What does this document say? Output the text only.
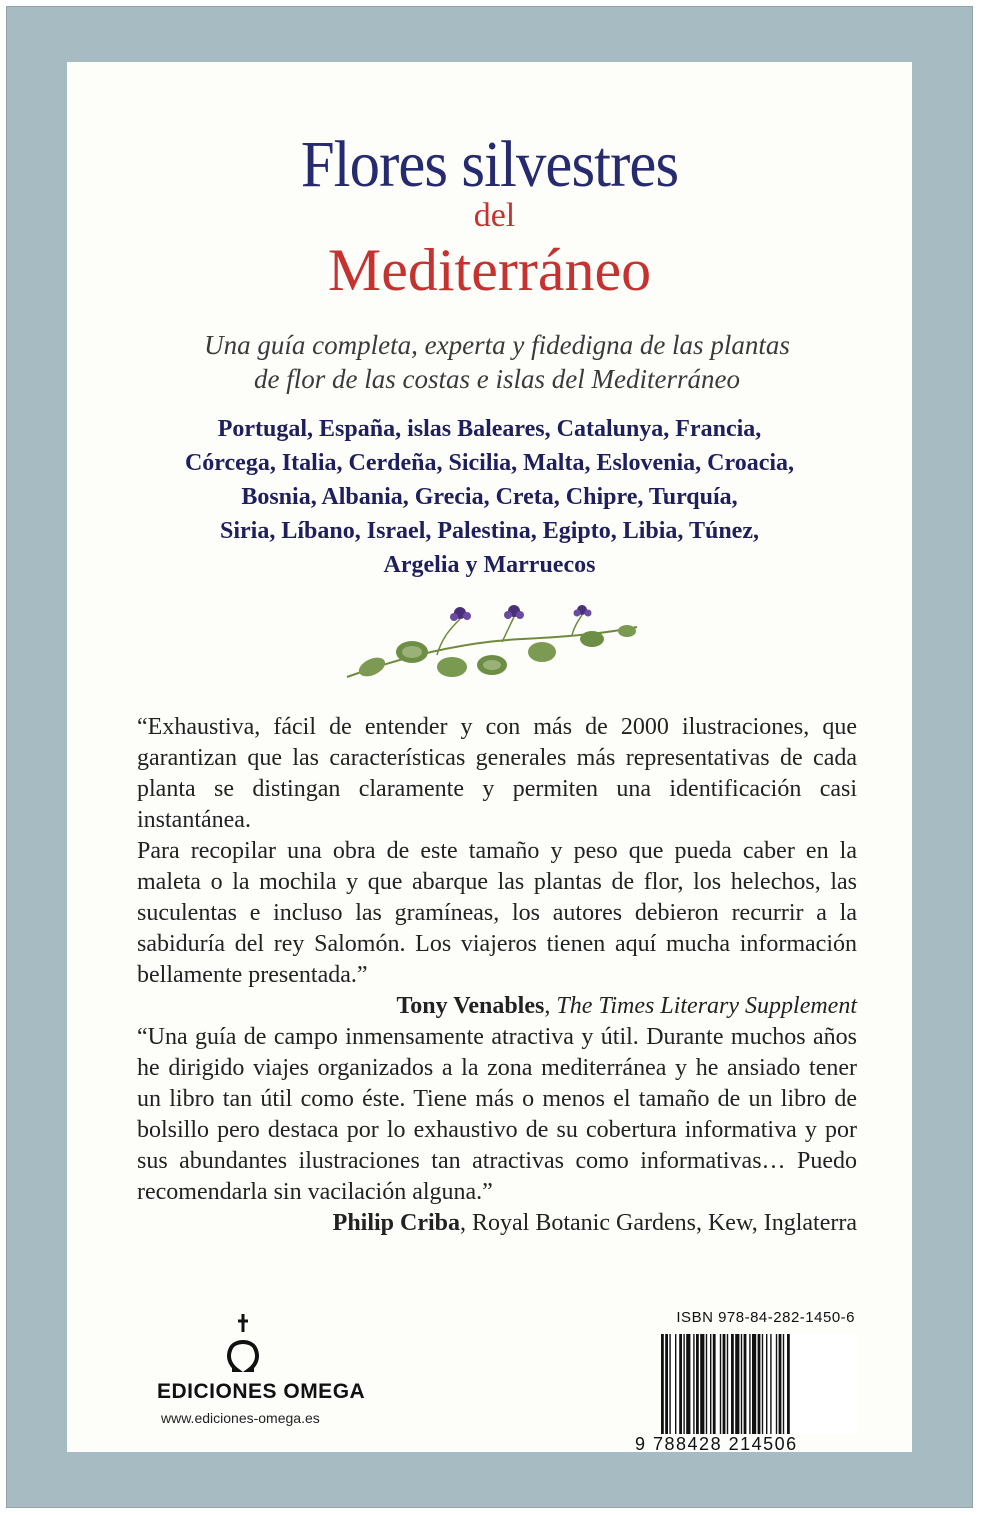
Flores silvestres
del
Mediterráneo
Una guía completa, experta y fidedigna de las plantas
de flor de las costas e islas del Mediterráneo
Portugal, España, islas Baleares, Catalunya, Francia,
Córcega, Italia, Cerdeña, Sicilia, Malta, Eslovenia, Croacia,
Bosnia, Albania, Grecia, Creta, Chipre, Turquía,
Siria, Líbano, Israel, Palestina, Egipto, Libia, Túnez,
Argelia y Marruecos

“Exhaustiva, fácil de entender y con más de 2000 ilustraciones, que garantizan que las características generales más representativas de cada planta se distingan claramente y permiten una identificación casi instantánea.

Para recopilar una obra de este tamaño y peso que pueda caber en la maleta o la mochila y que abarque las plantas de flor, los helechos, las suculentas e incluso las gramíneas, los autores debieron recurrir a la sabiduría del rey Salomón. Los viajeros tienen aquí mucha información bellamente presentada.”

Tony Venables, The Times Literary Supplement

“Una guía de campo inmensamente atractiva y útil. Durante muchos años he dirigido viajes organizados a la zona mediterránea y he ansiado tener un libro tan útil como éste. Tiene más o menos el tamaño de un libro de bolsillo pero destaca por lo exhaustivo de su cobertura informativa y por sus abundantes ilustraciones tan atractivas como informativas… Puedo recomendarla sin vacilación alguna.”

Philip Criba, Royal Botanic Gardens, Kew, Inglaterra
EDICIONES OMEGA
www.ediciones-omega.es
ISBN 978-84-282-1450-6
9 788428 214506
